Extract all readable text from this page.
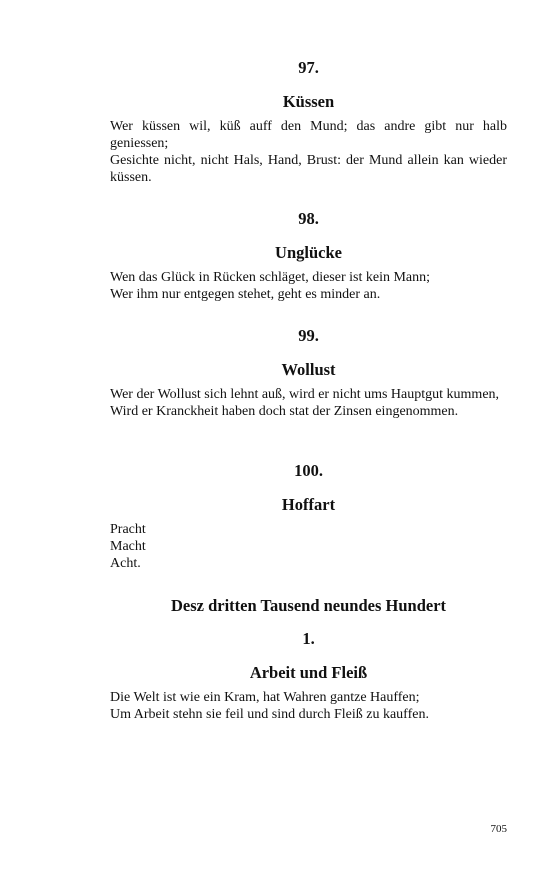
97.
Küssen
Wer küssen wil, küß auff den Mund; das andre gibt nur halb geniessen;
Gesichte nicht, nicht Hals, Hand, Brust: der Mund allein kan wieder küssen.
98.
Unglücke
Wen das Glück in Rücken schläget, dieser ist kein Mann;
Wer ihm nur entgegen stehet, geht es minder an.
99.
Wollust
Wer der Wollust sich lehnt auß, wird er nicht ums Hauptgut kummen,
Wird er Kranckheit haben doch stat der Zinsen eingenommen.
100.
Hoffart
Pracht
Macht
Acht.
Desz dritten Tausend neundes Hundert
1.
Arbeit und Fleiß
Die Welt ist wie ein Kram, hat Wahren gantze Hauffen;
Um Arbeit stehn sie feil und sind durch Fleiß zu kauffen.
705
